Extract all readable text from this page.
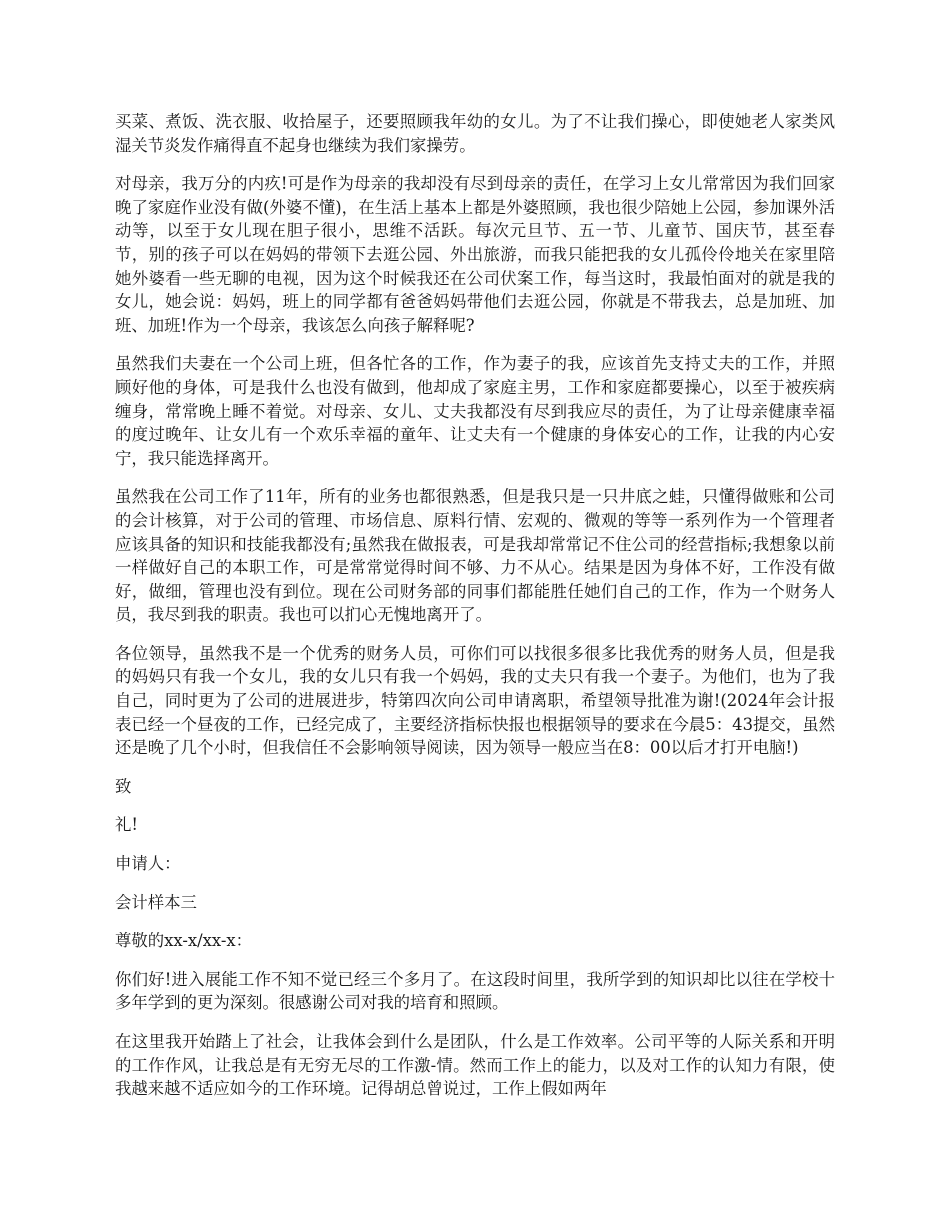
买菜、煮饭、洗衣服、收拾屋子，还要照顾我年幼的女儿。为了不让我们操心，即使她老人家类风湿关节炎发作痛得直不起身也继续为我们家操劳。

对母亲，我万分的内疚!可是作为母亲的我却没有尽到母亲的责任，在学习上女儿常常因为我们回家晚了家庭作业没有做(外婆不懂)，在生活上基本上都是外婆照顾，我也很少陪她上公园，参加课外活动等，以至于女儿现在胆子很小，思维不活跃。每次元旦节、五一节、儿童节、国庆节，甚至春节，别的孩子可以在妈妈的带领下去逛公园、外出旅游，而我只能把我的女儿孤伶伶地关在家里陪她外婆看一些无聊的电视，因为这个时候我还在公司伏案工作，每当这时，我最怕面对的就是我的女儿，她会说：妈妈，班上的同学都有爸爸妈妈带他们去逛公园，你就是不带我去，总是加班、加班、加班!作为一个母亲，我该怎么向孩子解释呢?

虽然我们夫妻在一个公司上班，但各忙各的工作，作为妻子的我，应该首先支持丈夫的工作，并照顾好他的身体，可是我什么也没有做到，他却成了家庭主男，工作和家庭都要操心，以至于被疾病缠身，常常晚上睡不着觉。对母亲、女儿、丈夫我都没有尽到我应尽的责任，为了让母亲健康幸福的度过晚年、让女儿有一个欢乐幸福的童年、让丈夫有一个健康的身体安心的工作，让我的内心安宁，我只能选择离开。

虽然我在公司工作了11年，所有的业务也都很熟悉，但是我只是一只井底之蛙，只懂得做账和公司的会计核算，对于公司的管理、市场信息、原料行情、宏观的、微观的等等一系列作为一个管理者应该具备的知识和技能我都没有;虽然我在做报表，可是我却常常记不住公司的经营指标;我想象以前一样做好自己的本职工作，可是常常觉得时间不够、力不从心。结果是因为身体不好，工作没有做好，做细，管理也没有到位。现在公司财务部的同事们都能胜任她们自己的工作，作为一个财务人员，我尽到我的职责。我也可以扪心无愧地离开了。

各位领导，虽然我不是一个优秀的财务人员，可你们可以找很多很多比我优秀的财务人员，但是我的妈妈只有我一个女儿，我的女儿只有我一个妈妈，我的丈夫只有我一个妻子。为他们，也为了我自己，同时更为了公司的进展进步，特第四次向公司申请离职，希望领导批准为谢!(2024年会计报表已经一个昼夜的工作，已经完成了，主要经济指标快报也根据领导的要求在今晨5：43提交，虽然还是晚了几个小时，但我信任不会影响领导阅读，因为领导一般应当在8：00以后才打开电脑!)

致

礼!

申请人：

会计样本三

尊敬的xx-x/xx-x：

你们好!进入展能工作不知不觉已经三个多月了。在这段时间里，我所学到的知识却比以往在学校十多年学到的更为深刻。很感谢公司对我的培育和照顾。

在这里我开始踏上了社会，让我体会到什么是团队，什么是工作效率。公司平等的人际关系和开明的工作作风，让我总是有无穷无尽的工作激-情。然而工作上的能力，以及对工作的认知力有限，使我越来越不适应如今的工作环境。记得胡总曾说过，工作上假如两年
